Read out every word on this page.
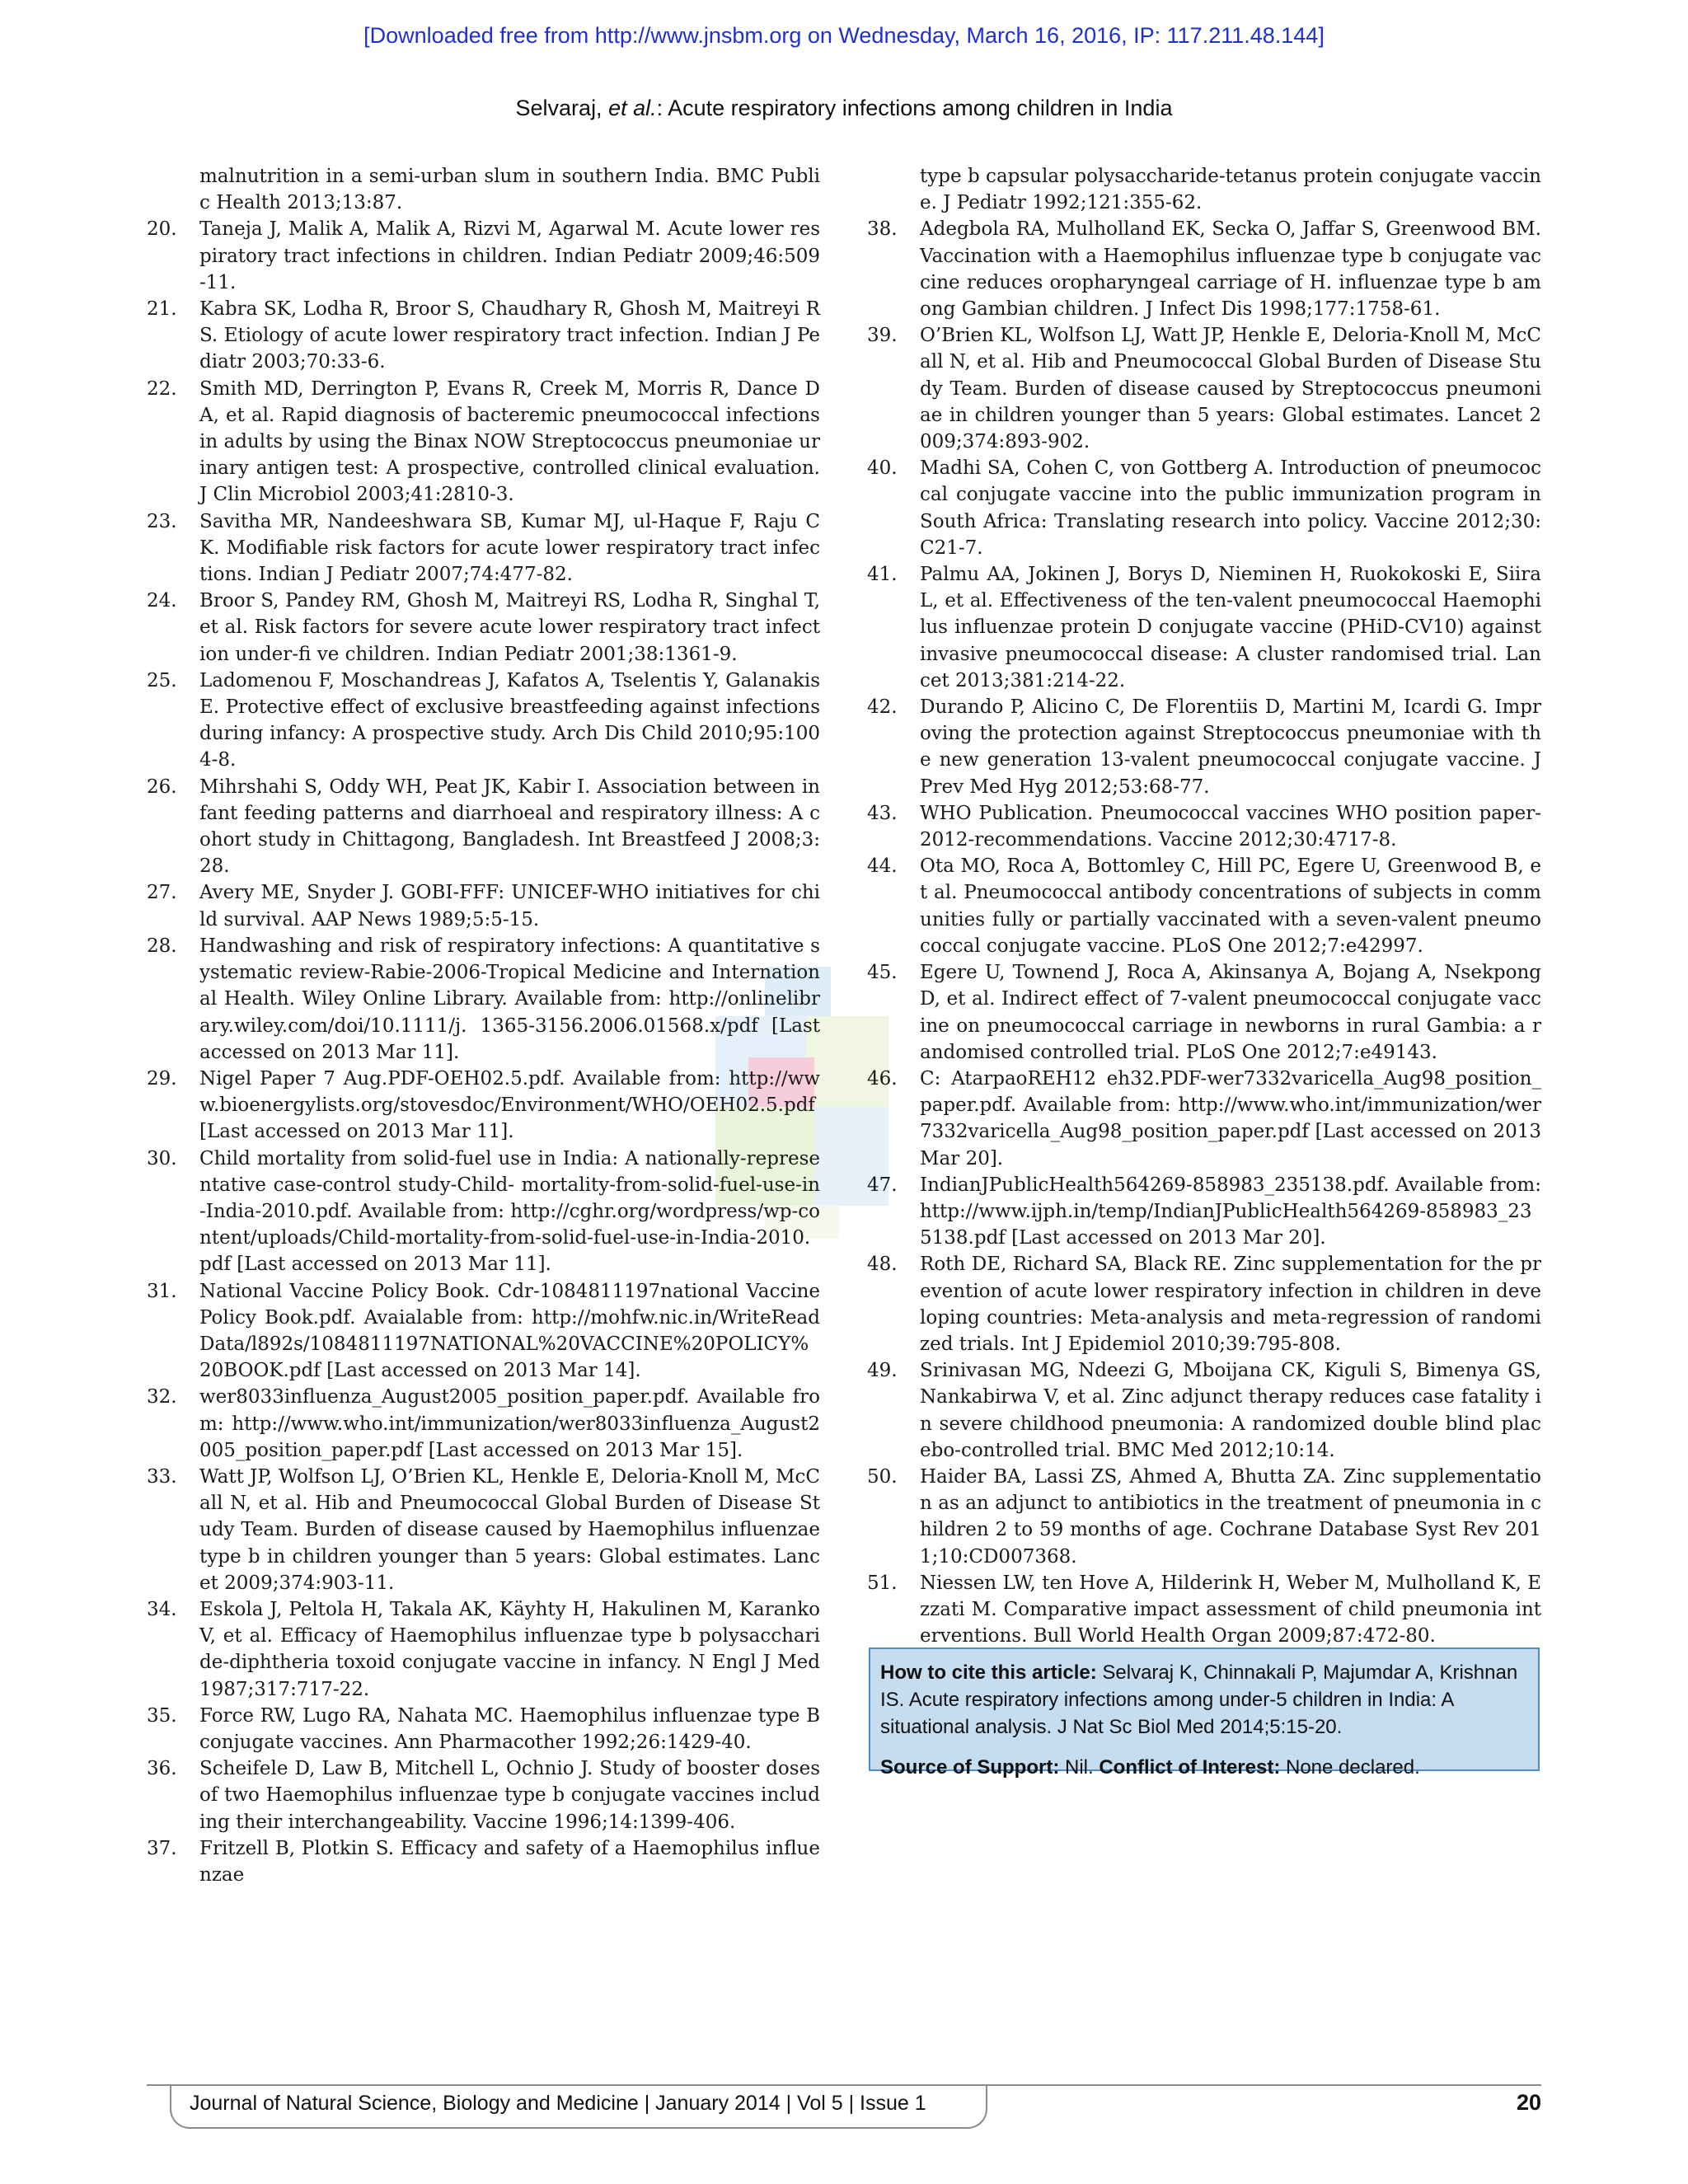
[Downloaded free from http://www.jnsbm.org on Wednesday, March 16, 2016, IP: 117.211.48.144]
Selvaraj, et al.: Acute respiratory infections among children in India
malnutrition in a semi-urban slum in southern India. BMC Public Health 2013;13:87.
20.	Taneja J, Malik A, Malik A, Rizvi M, Agarwal M. Acute lower respiratory tract infections in children. Indian Pediatr 2009;46:509-11.
21.	Kabra SK, Lodha R, Broor S, Chaudhary R, Ghosh M, Maitreyi RS. Etiology of acute lower respiratory tract infection. Indian J Pediatr 2003;70:33-6.
22.	Smith MD, Derrington P, Evans R, Creek M, Morris R, Dance DA, et al. Rapid diagnosis of bacteremic pneumococcal infections in adults by using the Binax NOW Streptococcus pneumoniae urinary antigen test: A prospective, controlled clinical evaluation. J Clin Microbiol 2003;41:2810-3.
23.	Savitha MR, Nandeeshwara SB, Kumar MJ, ul-Haque F, Raju CK. Modifiable risk factors for acute lower respiratory tract infections. Indian J Pediatr 2007;74:477-82.
24.	Broor S, Pandey RM, Ghosh M, Maitreyi RS, Lodha R, Singhal T, et al. Risk factors for severe acute lower respiratory tract infection under-fi ve children. Indian Pediatr 2001;38:1361-9.
25.	Ladomenou F, Moschandreas J, Kafatos A, Tselentis Y, Galanakis E. Protective effect of exclusive breastfeeding against infections during infancy: A prospective study. Arch Dis Child 2010;95:1004-8.
26.	Mihrshahi S, Oddy WH, Peat JK, Kabir I. Association between infant feeding patterns and diarrhoeal and respiratory illness: A cohort study in Chittagong, Bangladesh. Int Breastfeed J 2008;3:28.
27.	Avery ME, Snyder J. GOBI-FFF: UNICEF-WHO initiatives for child survival. AAP News 1989;5:5-15.
28.	Handwashing and risk of respiratory infections: A quantitative systematic review-Rabie-2006-Tropical Medicine and International Health. Wiley Online Library. Available from: http://onlinelibrary.wiley.com/doi/10.1111/j. 1365-3156.2006.01568.x/pdf [Last accessed on 2013 Mar 11].
29.	Nigel Paper 7 Aug.PDF-OEH02.5.pdf. Available from: http://www.bioenergylists.org/stovesdoc/Environment/WHO/OEH02.5.pdf [Last accessed on 2013 Mar 11].
30.	Child mortality from solid-fuel use in India: A nationally-representative case-control study-Child- mortality-from-solid-fuel-use-in-India-2010.pdf. Available from: http://cghr.org/wordpress/wp-content/uploads/Child-mortality-from-solid-fuel-use-in-India-2010.pdf [Last accessed on 2013 Mar 11].
31.	National Vaccine Policy Book. Cdr-1084811197national Vaccine Policy Book.pdf. Avaialable from: http://mohfw.nic.in/WriteReadData/l892s/1084811197NATIONAL%20VACCINE%20POLICY%20BOOK.pdf [Last accessed on 2013 Mar 14].
32.	wer8033influenza_August2005_position_paper.pdf. Available from: http://www.who.int/immunization/wer8033influenza_August2005_position_paper.pdf [Last accessed on 2013 Mar 15].
33.	Watt JP, Wolfson LJ, O’Brien KL, Henkle E, Deloria-Knoll M, McCall N, et al. Hib and Pneumococcal Global Burden of Disease Study Team. Burden of disease caused by Haemophilus influenzae type b in children younger than 5 years: Global estimates. Lancet 2009;374:903-11.
34.	Eskola J, Peltola H, Takala AK, Käyhty H, Hakulinen M, Karanko V, et al. Efficacy of Haemophilus influenzae type b polysaccharide-diphtheria toxoid conjugate vaccine in infancy. N Engl J Med 1987;317:717-22.
35.	Force RW, Lugo RA, Nahata MC. Haemophilus influenzae type B conjugate vaccines. Ann Pharmacother 1992;26:1429-40.
36.	Scheifele D, Law B, Mitchell L, Ochnio J. Study of booster doses of two Haemophilus influenzae type b conjugate vaccines including their interchangeability. Vaccine 1996;14:1399-406.
37.	Fritzell B, Plotkin S. Efficacy and safety of a Haemophilus influenzae
type b capsular polysaccharide-tetanus protein conjugate vaccine. J Pediatr 1992;121:355-62.
38.	Adegbola RA, Mulholland EK, Secka O, Jaffar S, Greenwood BM. Vaccination with a Haemophilus influenzae type b conjugate vaccine reduces oropharyngeal carriage of H. influenzae type b among Gambian children. J Infect Dis 1998;177:1758-61.
39.	O’Brien KL, Wolfson LJ, Watt JP, Henkle E, Deloria-Knoll M, McCall N, et al. Hib and Pneumococcal Global Burden of Disease Study Team. Burden of disease caused by Streptococcus pneumoniae in children younger than 5 years: Global estimates. Lancet 2009;374:893-902.
40.	Madhi SA, Cohen C, von Gottberg A. Introduction of pneumococcal conjugate vaccine into the public immunization program in South Africa: Translating research into policy. Vaccine 2012;30:C21-7.
41.	Palmu AA, Jokinen J, Borys D, Nieminen H, Ruokokoski E, Siira L, et al. Effectiveness of the ten-valent pneumococcal Haemophilus influenzae protein D conjugate vaccine (PHiD-CV10) against invasive pneumococcal disease: A cluster randomised trial. Lancet 2013;381:214-22.
42.	Durando P, Alicino C, De Florentiis D, Martini M, Icardi G. Improving the protection against Streptococcus pneumoniae with the new generation 13-valent pneumococcal conjugate vaccine. J Prev Med Hyg 2012;53:68-77.
43.	WHO Publication. Pneumococcal vaccines WHO position paper-2012-recommendations. Vaccine 2012;30:4717-8.
44.	Ota MO, Roca A, Bottomley C, Hill PC, Egere U, Greenwood B, et al. Pneumococcal antibody concentrations of subjects in communities fully or partially vaccinated with a seven-valent pneumococcal conjugate vaccine. PLoS One 2012;7:e42997.
45.	Egere U, Townend J, Roca A, Akinsanya A, Bojang A, Nsekpong D, et al. Indirect effect of 7-valent pneumococcal conjugate vaccine on pneumococcal carriage in newborns in rural Gambia: a randomised controlled trial. PLoS One 2012;7:e49143.
46.	C: AtarpaoREH12 eh32.PDF-wer7332varicella_Aug98_position_paper.pdf. Available from: http://www.who.int/immunization/wer7332varicella_Aug98_position_paper.pdf [Last accessed on 2013 Mar 20].
47.	IndianJPublicHealth564269-858983_235138.pdf. Available from: http://www.ijph.in/temp/IndianJPublicHealth564269-858983_235138.pdf [Last accessed on 2013 Mar 20].
48.	Roth DE, Richard SA, Black RE. Zinc supplementation for the prevention of acute lower respiratory infection in children in developing countries: Meta-analysis and meta-regression of randomized trials. Int J Epidemiol 2010;39:795-808.
49.	Srinivasan MG, Ndeezi G, Mboijana CK, Kiguli S, Bimenya GS, Nankabirwa V, et al. Zinc adjunct therapy reduces case fatality in severe childhood pneumonia: A randomized double blind placebo-controlled trial. BMC Med 2012;10:14.
50.	Haider BA, Lassi ZS, Ahmed A, Bhutta ZA. Zinc supplementation as an adjunct to antibiotics in the treatment of pneumonia in children 2 to 59 months of age. Cochrane Database Syst Rev 2011;10:CD007368.
51.	Niessen LW, ten Hove A, Hilderink H, Weber M, Mulholland K, Ezzati M. Comparative impact assessment of child pneumonia interventions. Bull World Health Organ 2009;87:472-80.

How to cite this article: Selvaraj K, Chinnakali P, Majumdar A, Krishnan IS. Acute respiratory infections among under-5 children in India: A situational analysis. J Nat Sc Biol Med 2014;5:15-20.

Source of Support: Nil. Conflict of Interest: None declared.

Journal of Natural Science, Biology and Medicine | January 2014 | Vol 5 | Issue 1	20
